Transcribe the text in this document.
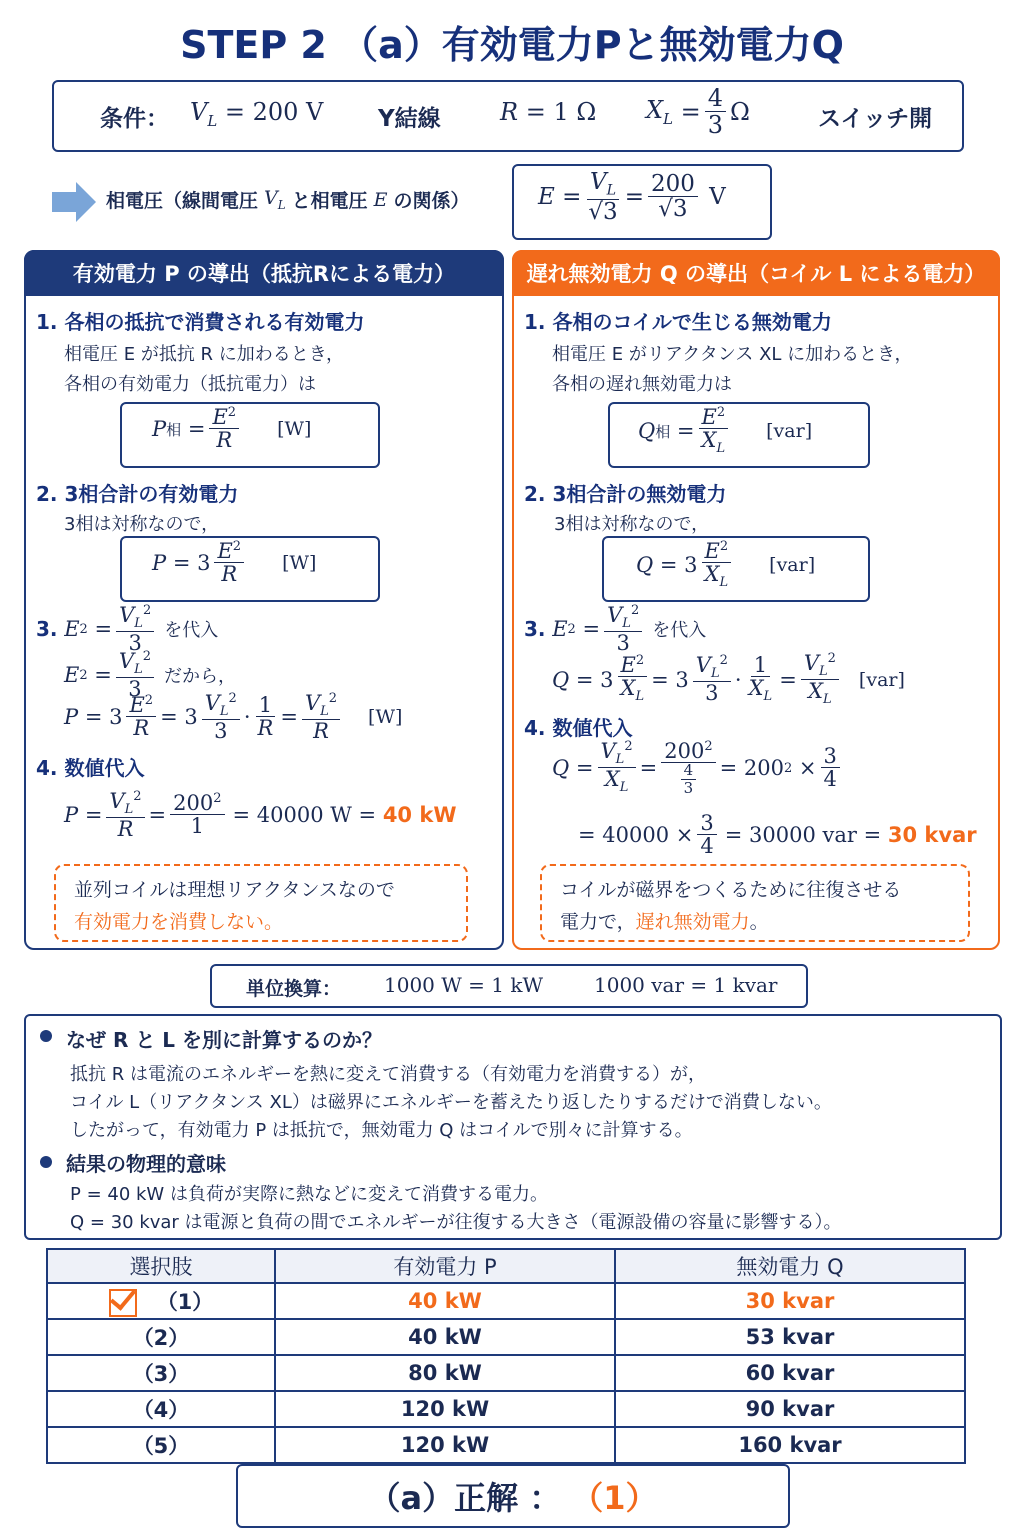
STEP 2 （a）有効電力Pと無効電力Q
条件： $V_L = 200$ V Y結線 R = 1 Ω $X_L = \frac{4}{3}$ Ω	スイッチ開
相電圧（線間電圧 $V_L$ と相電圧 E の関係）	$E = \frac{V_L}{√3} = \frac{200}{√3}$ V
有効電力 P の導出（抵抗Rによる電力）
1. 各相の抵抗で消費される有効電力
相電圧 E が抵抗 R に加わるとき，
各相の有効電力（抵抗電力）は
P 相 = $\frac{E^2}{R} [W]$
2. 3相合計の有効電力
3相は対称なので，
$P = 3 \frac{E^2}{R} [W]$
3.
E $2 = \frac{V_L^2}{3}$ を代入
E $2 = \frac{V_L^2}{3}$ だから，
$P = 3 \frac{E^2}{R} = 3 \frac{V_L^2}{3} \cdot \frac{1}{R} = \frac{V_L^2}{R} [W]$
4. 数値代入
$P = \frac{V_L^2}{R} = \frac{200^2}{1} = 40000$ W =
40 kW
並列コイルは理想リアクタンスなので
有効電力を消費しない。
遅れ無効電力 Q の導出（コイル L による電力）
1. 各相のコイルで生じる無効電力
相電圧 E がリアクタンス XL に加わるとき，
各相の遅れ無効電力は
Q 相 = $\frac{E^2}{X_L} [var]$
2. 3相合計の無効電力
3相は対称なので，
$Q = 3 \frac{E^2}{X_L} [var]$
3.
E $2 = \frac{V_L^2}{3}$ を代入
$Q = 3 \frac{E^2}{X_L} = 3 \frac{V_L^2}{3} \cdot \frac{1}{X_L} = \frac{V_L^2}{X_L} [var]$
4. 数値代入
$Q = \frac{V_L^2}{X_L} = \frac{200^2}{\frac{4}{3}} = 200$ $2 \times \frac{3}{4}$
= $40000 \times \frac{3}{4} = 30000$ var =
30 kvar
コイルが磁界をつくるために往復させる
電力で，遅れ無効電力。
単位換算： 1000 W = 1 kW	1000 var = 1 kvar
なぜ R と L を別に計算するのか？
抵抗 R は電流のエネルギーを熱に変えて消費する（有効電力を消費する）が，
コイル L（リアクタンス XL）は磁界にエネルギーを蓄えたり返したりするだけで消費しない。
したがって，有効電力 P は抵抗で，無効電力 Q はコイルで別々に計算する。
結果の物理的意味
P = 40 kW は負荷が実際に熱などに変えて消費する電力。
Q = 30 kvar は電源と負荷の間でエネルギーが往復する大きさ（電源設備の容量に影響する）。
選択肢	有効電力 P	無効電力 Q
（1）	40 kW	30 kvar
（2）	40 kW	53 kvar
（3）	80 kW	60 kvar
（4）	120 kW	90 kvar
（5）	120 kW	160 kvar
（a）正解 ： （1）
